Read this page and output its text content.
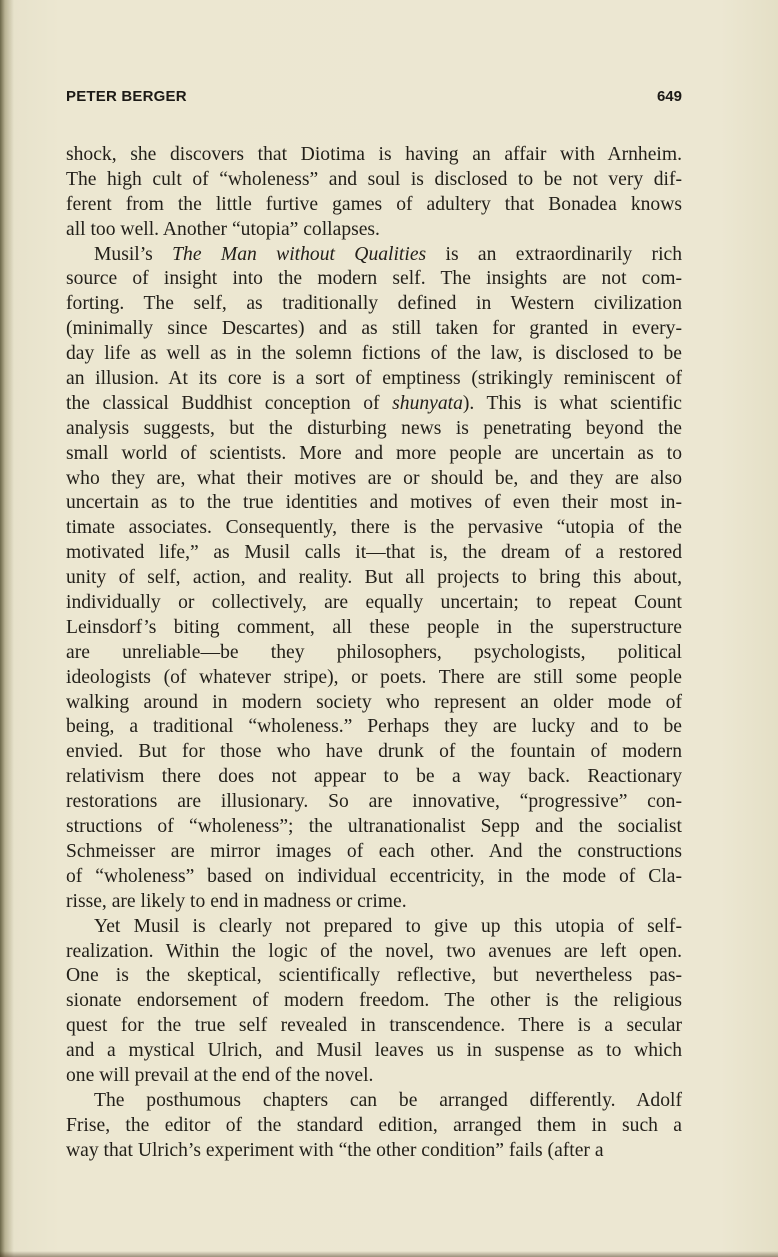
PETER BERGER	649
shock, she discovers that Diotima is having an affair with Arnheim.
The high cult of “wholeness” and soul is disclosed to be not very dif-
ferent from the little furtive games of adultery that Bonadea knows
all too well. Another “utopia” collapses.
Musil’s The Man without Qualities is an extraordinarily rich
source of insight into the modern self. The insights are not com-
forting. The self, as traditionally defined in Western civilization
(minimally since Descartes) and as still taken for granted in every-
day life as well as in the solemn fictions of the law, is disclosed to be
an illusion. At its core is a sort of emptiness (strikingly reminiscent of
the classical Buddhist conception of shunyata). This is what scientific
analysis suggests, but the disturbing news is penetrating beyond the
small world of scientists. More and more people are uncertain as to
who they are, what their motives are or should be, and they are also
uncertain as to the true identities and motives of even their most in-
timate associates. Consequently, there is the pervasive “utopia of the
motivated life,” as Musil calls it—that is, the dream of a restored
unity of self, action, and reality. But all projects to bring this about,
individually or collectively, are equally uncertain; to repeat Count
Leinsdorf’s biting comment, all these people in the superstructure
are unreliable—be they philosophers, psychologists, political
ideologists (of whatever stripe), or poets. There are still some people
walking around in modern society who represent an older mode of
being, a traditional “wholeness.” Perhaps they are lucky and to be
envied. But for those who have drunk of the fountain of modern
relativism there does not appear to be a way back. Reactionary
restorations are illusionary. So are innovative, “progressive” con-
structions of “wholeness”; the ultranationalist Sepp and the socialist
Schmeisser are mirror images of each other. And the constructions
of “wholeness” based on individual eccentricity, in the mode of Cla-
risse, are likely to end in madness or crime.
Yet Musil is clearly not prepared to give up this utopia of self-
realization. Within the logic of the novel, two avenues are left open.
One is the skeptical, scientifically reflective, but nevertheless pas-
sionate endorsement of modern freedom. The other is the religious
quest for the true self revealed in transcendence. There is a secular
and a mystical Ulrich, and Musil leaves us in suspense as to which
one will prevail at the end of the novel.
The posthumous chapters can be arranged differently. Adolf
Frise, the editor of the standard edition, arranged them in such a
way that Ulrich’s experiment with “the other condition” fails (after a
